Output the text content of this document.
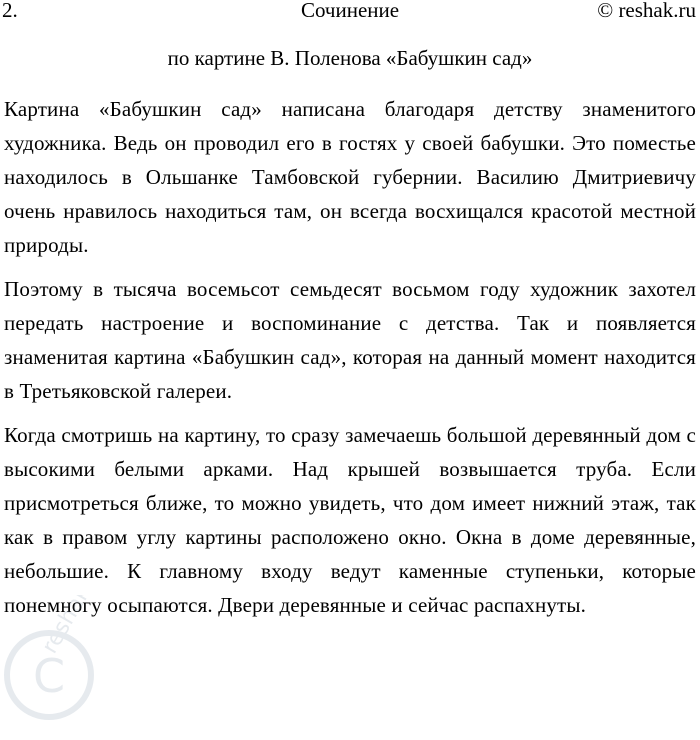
2.	Сочинение	© reshak.ru
по картине В. Поленова «Бабушкин сад»

Картина «Бабушкин сад» написана благодаря детству знаменитого художника. Ведь он проводил его в гостях у своей бабушки. Это поместье находилось в Ольшанке Тамбовской губернии. Василию Дмитриевичу очень нравилось находиться там, он всегда восхищался красотой местной природы.

Поэтому в тысяча восемьсот семьдесят восьмом году художник захотел передать настроение и воспоминание с детства. Так и появляется знаменитая картина «Бабушкин сад», которая на данный момент находится в Третьяковской галереи.

Когда смотришь на картину, то сразу замечаешь большой деревянный дом с высокими белыми арками. Над крышей возвышается труба. Если присмотреться ближе, то можно увидеть, что дом имеет нижний этаж, так как в правом углу картины расположено окно. Окна в доме деревянные, небольшие. К главному входу ведут каменные ступеньки, которые понемногу осыпаются. Двери деревянные и сейчас распахнуты.

C
reshak.ru
